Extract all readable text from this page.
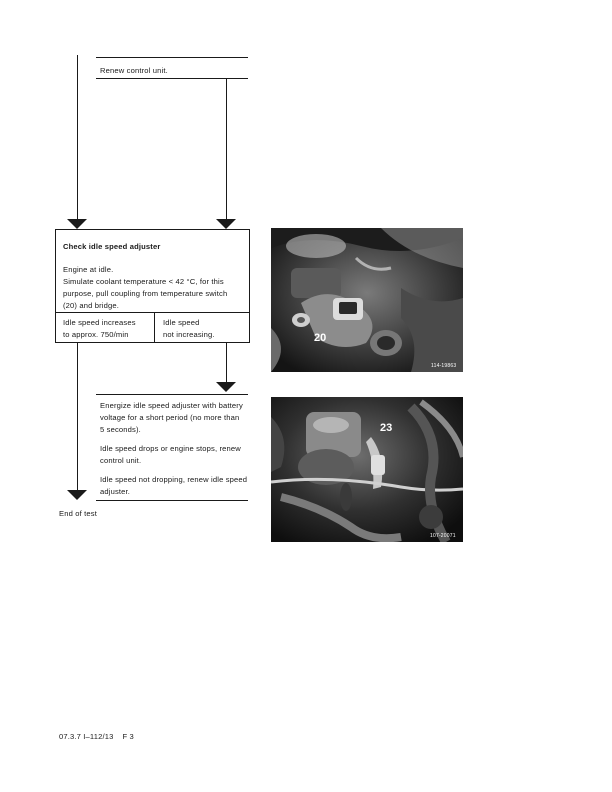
Renew control unit.
Check idle speed adjuster
Engine at idle.
Simulate coolant temperature < 42 °C, for this
purpose, pull coupling from temperature switch
(20) and bridge.
Idle speed increases
to approx. 750/min
Idle speed
not increasing.
Energize idle speed adjuster with battery
voltage for a short period (no more than
5 seconds).
Idle speed drops or engine stops, renew
control unit.
Idle speed not dropping, renew idle speed
adjuster.
End of test
20
114-19863
23
107-20071
07.3.7 I–112/13    F 3
